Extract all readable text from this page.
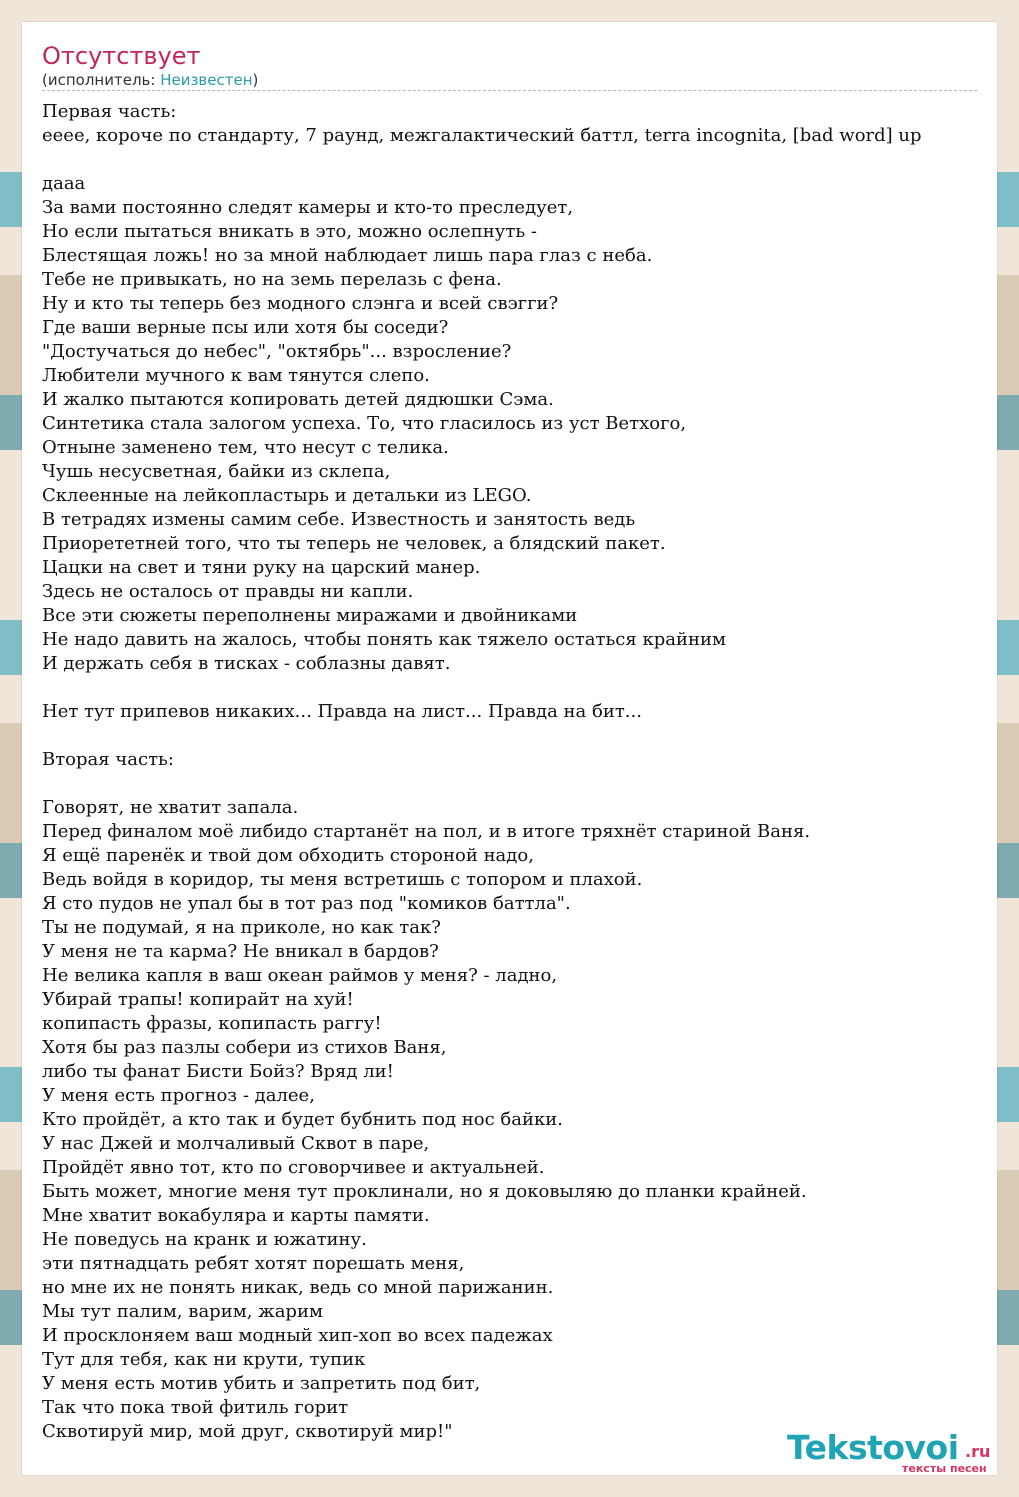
Отсутствует
(исполнитель: Неизвестен)
Первая часть:
ееее, короче по стандарту, 7 раунд, межгалактический баттл, terra incognita, [bad word] up

дааа
За вами постоянно следят камеры и кто-то преследует,
Но если пытаться вникать в это, можно ослепнуть -
Блестящая ложь! но за мной наблюдает лишь пара глаз с неба.
Тебе не привыкать, но на земь перелазь с фена.
Ну и кто ты теперь без модного слэнга и всей свэгги?
Где ваши верные псы или хотя бы соседи?
"Достучаться до небес", "октябрь"... взросление?
Любители мучного к вам тянутся слепо.
И жалко пытаются копировать детей дядюшки Сэма.
Синтетика стала залогом успеха. То, что гласилось из уст Ветхого,
Отныне заменено тем, что несут с телика.
Чушь несусветная, байки из склепа,
Склеенные на лейкопластырь и детальки из LEGO.
В тетрадях измены самим себе. Известность и занятость ведь
Приорететней того, что ты теперь не человек, а блядский пакет.
Цацки на свет и тяни руку на царский манер.
Здесь не осталось от правды ни капли.
Все эти сюжеты переполнены миражами и двойниками
Не надо давить на жалось, чтобы понять как тяжело остаться крайним
И держать себя в тисках - соблазны давят.

Нет тут припевов никаких... Правда на лист... Правда на бит...

Вторая часть:

Говорят, не хватит запала.
Перед финалом моё либидо стартанёт на пол, и в итоге тряхнёт стариной Ваня.
Я ещё паренёк и твой дом обходить стороной надо,
Ведь войдя в коридор, ты меня встретишь с топором и плахой.
Я сто пудов не упал бы в тот раз под "комиков баттла".
Ты не подумай, я на приколе, но как так?
У меня не та карма? Не вникал в бардов?
Не велика капля в ваш океан раймов у меня? - ладно,
Убирай трапы! копирайт на хуй!
копипасть фразы, копипасть раггу!
Хотя бы раз пазлы собери из стихов Ваня,
либо ты фанат Бисти Бойз? Вряд ли!
У меня есть прогноз - далее,
Кто пройдёт, а кто так и будет бубнить под нос байки.
У нас Джей и молчаливый Сквот в паре,
Пройдёт явно тот, кто по сговорчивее и актуальней.
Быть может, многие меня тут проклинали, но я доковыляю до планки крайней.
Мне хватит вокабуляра и карты памяти.
Не поведусь на кранк и южатину.
эти пятнадцать ребят хотят порешать меня,
но мне их не понять никак, ведь со мной парижанин.
Мы тут палим, варим, жарим
И просклоняем ваш модный хип-хоп во всех падежах
Тут для тебя, как ни крути, тупик
У меня есть мотив убить и запретить под бит,
Так что пока твой фитиль горит
Сквотируй мир, мой друг, сквотируй мир!"	Tekstovoi .ru
тексты песен
